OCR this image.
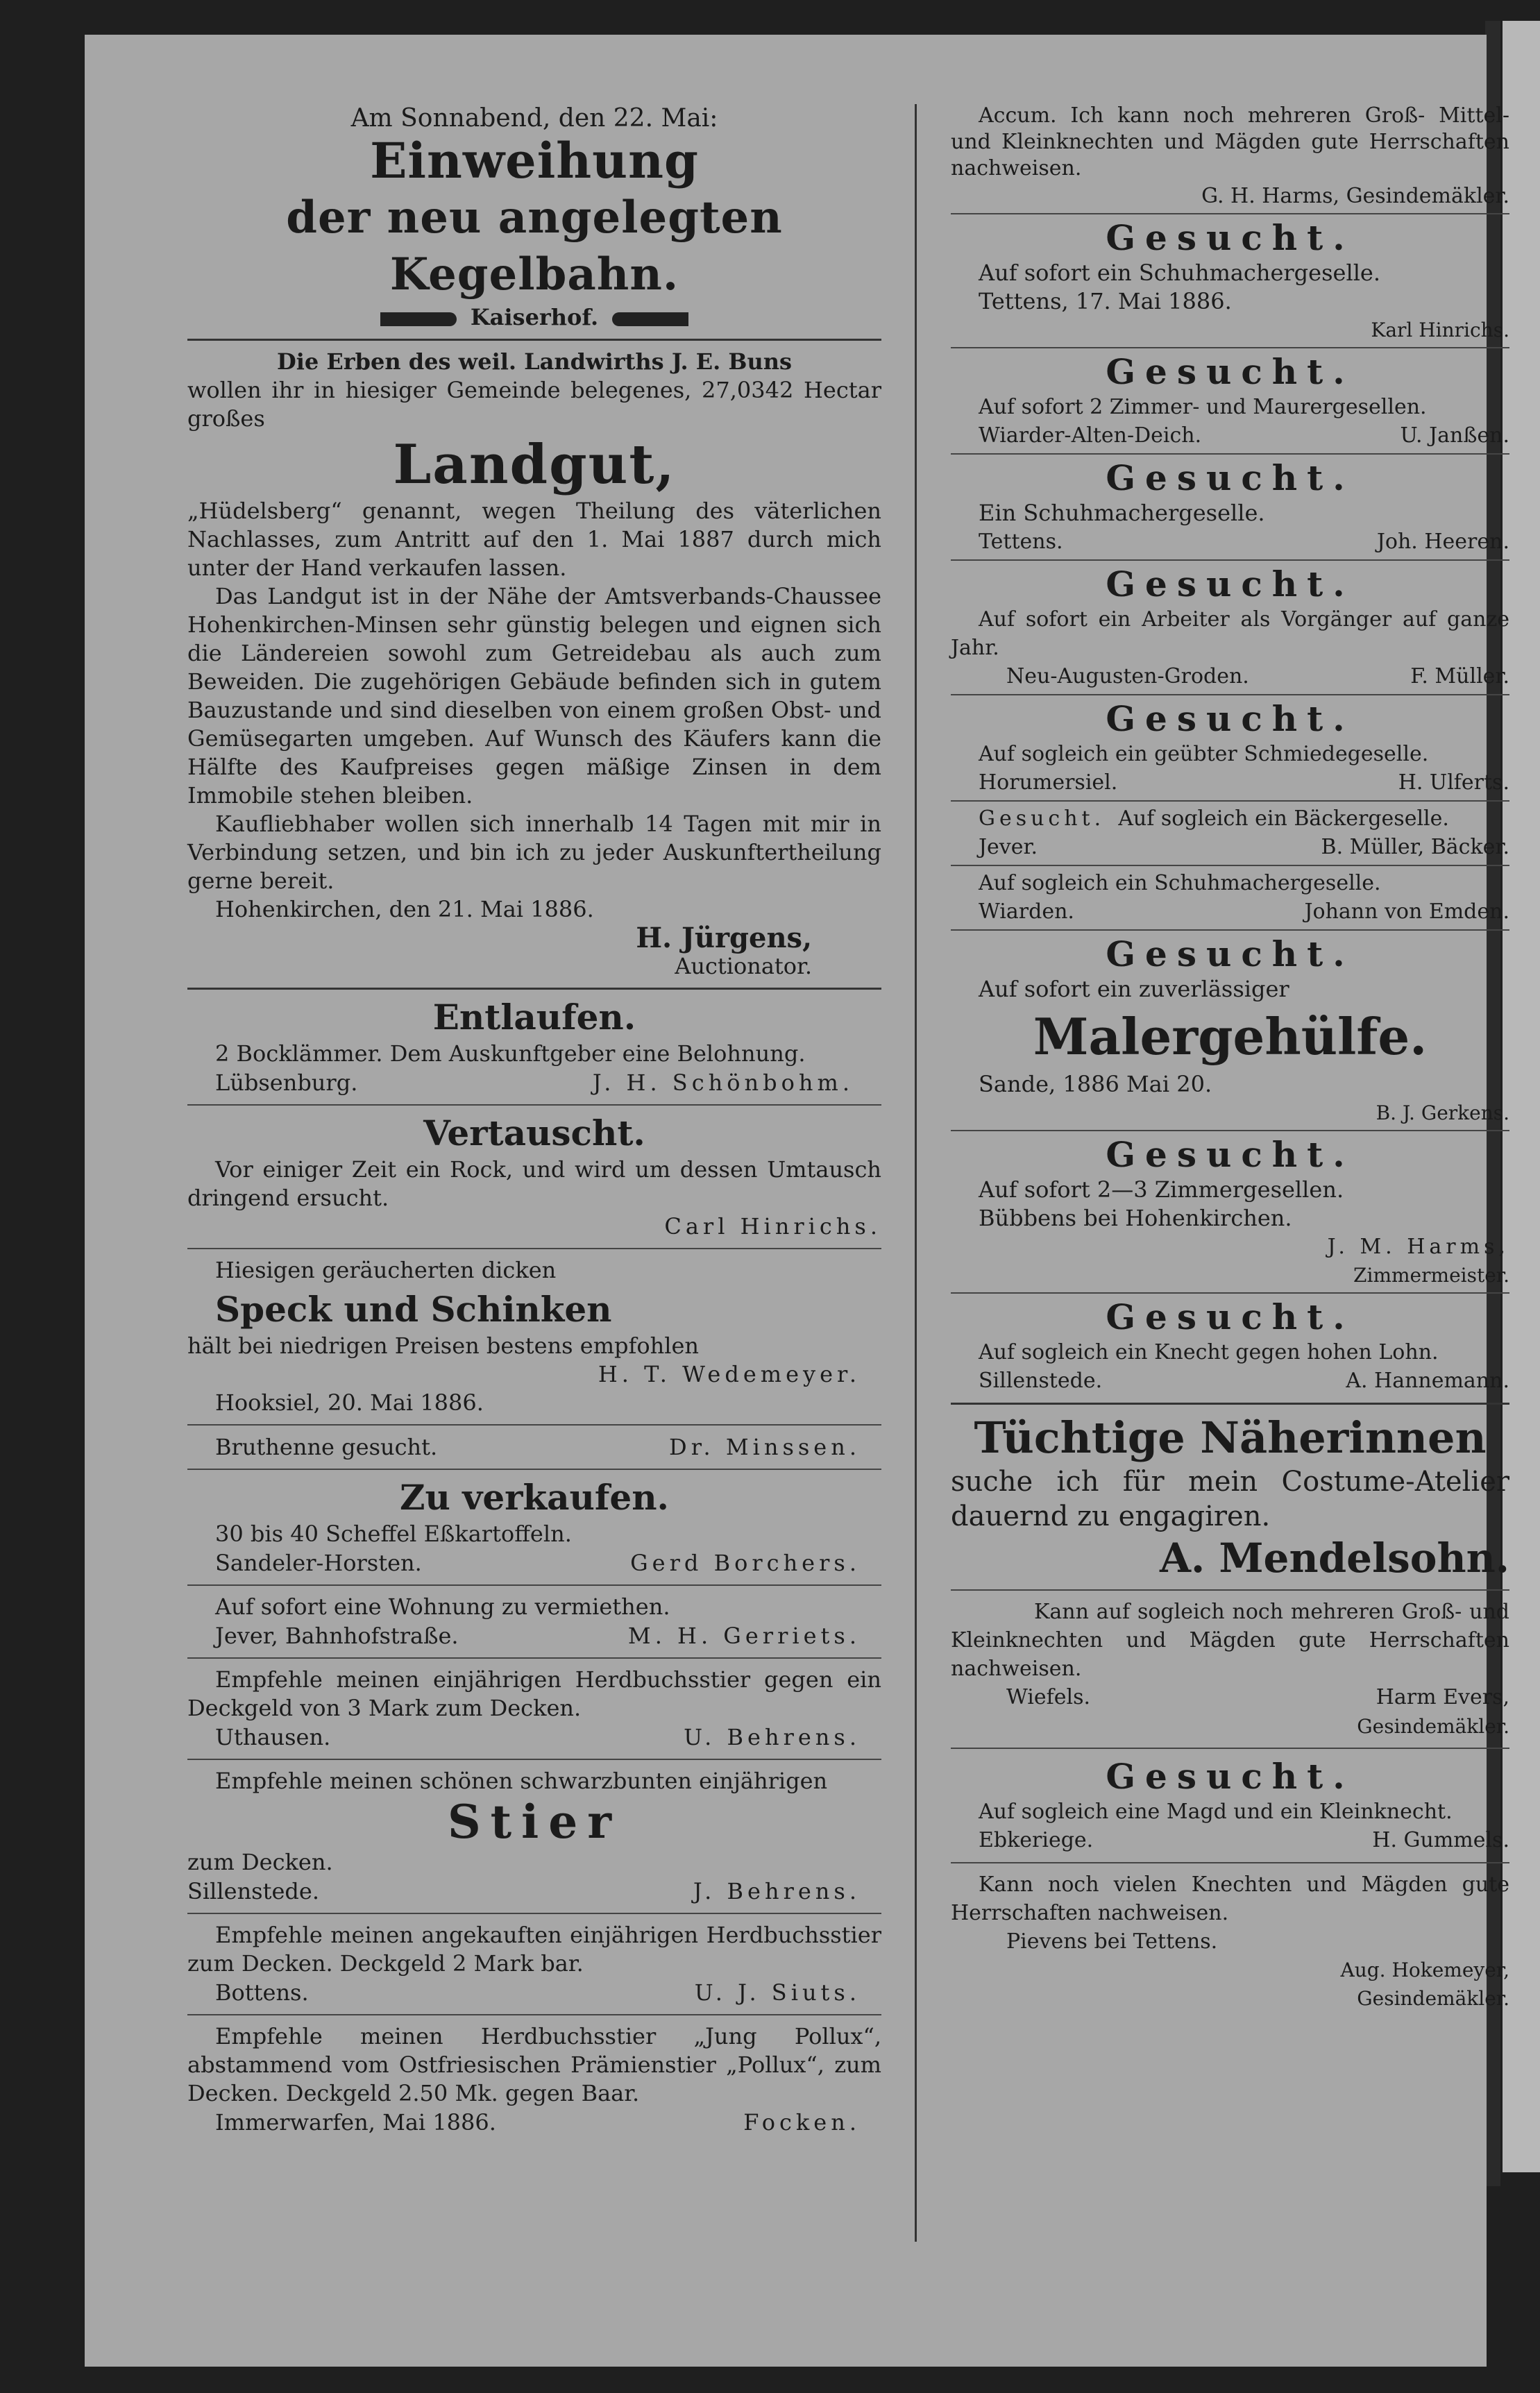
Am Sonnabend, den 22. Mai:

Einweihung

der neu angelegten Kegelbahn.

Kaiserhof.

Die Erben des weil. Landwirths J. E. Buns

wollen ihr in hiesiger Gemeinde belegenes, 27,0342 Hectar großes

Landgut,

„Hüdelsberg“ genannt, wegen Theilung des väterlichen Nachlasses, zum Antritt auf den 1. Mai 1887 durch mich unter der Hand verkaufen lassen.

Das Landgut ist in der Nähe der Amtsverbands-Chaussee Hohenkirchen-Minsen sehr günstig belegen und eignen sich die Ländereien sowohl zum Getreidebau als auch zum Beweiden. Die zugehörigen Gebäude befinden sich in gutem Bauzustande und sind dieselben von einem großen Obst- und Gemüsegarten umgeben. Auf Wunsch des Käufers kann die Hälfte des Kaufpreises gegen mäßige Zinsen in dem Immobile stehen bleiben.

Kaufliebhaber wollen sich innerhalb 14 Tagen mit mir in Verbindung setzen, und bin ich zu jeder Auskunftertheilung gerne bereit.

Hohenkirchen, den 21. Mai 1886.

H. Jürgens,

Auctionator.

Entlaufen.

2 Bocklämmer. Dem Auskunftgeber eine Belohnung.

Lübsenburg.	J. H. Schönbohm.

Vertauscht.

Vor einiger Zeit ein Rock, und wird um dessen Umtausch dringend ersucht.

Carl Hinrichs.

Hiesigen geräucherten dicken

Speck und Schinken

hält bei niedrigen Preisen bestens empfohlen

H. T. Wedemeyer.

Hooksiel, 20. Mai 1886.

Bruthenne gesucht.	Dr. Minssen.

Zu verkaufen.

30 bis 40 Scheffel Eßkartoffeln.

Sandeler-Horsten.	Gerd Borchers.

Auf sofort eine Wohnung zu vermiethen.

Jever, Bahnhofstraße.	M. H. Gerriets.

Empfehle meinen einjährigen Herdbuchsstier gegen ein Deckgeld von 3 Mark zum Decken.

Uthausen.	U. Behrens.

Empfehle meinen schönen schwarzbunten einjährigen

Stier

zum Decken.

Sillenstede.	J. Behrens.

Empfehle meinen angekauften einjährigen Herdbuchsstier zum Decken. Deckgeld 2 Mark bar.

Bottens.	U. J. Siuts.

Empfehle meinen Herdbuchsstier „Jung Pollux“, abstammend vom Ostfriesischen Prämienstier „Pollux“, zum Decken. Deckgeld 2.50 Mk. gegen Baar.

Immerwarfen, Mai 1886.	Focken.

Accum. Ich kann noch mehreren Groß- Mittel- und Kleinknechten und Mägden gute Herrschaften nachweisen.

G. H. Harms, Gesindemäkler.

Gesucht.

Auf sofort ein Schuhmachergeselle.

Tettens, 17. Mai 1886.

Karl Hinrichs.

Gesucht.

Auf sofort 2 Zimmer- und Maurergesellen.

Wiarder-Alten-Deich.	U. Janßen.

Gesucht.

Ein Schuhmachergeselle.

Tettens.	Joh. Heeren.

Gesucht.

Auf sofort ein Arbeiter als Vorgänger auf ganze Jahr.

Neu-Augusten-Groden.	F. Müller.

Gesucht.

Auf sogleich ein geübter Schmiedegeselle.

Horumersiel.	H. Ulferts.

Gesucht. Auf sogleich ein Bäckergeselle.

Jever.	B. Müller, Bäcker.

Auf sogleich ein Schuhmachergeselle.

Wiarden.	Johann von Emden.

Gesucht.

Auf sofort ein zuverlässiger

Malergehülfe.

Sande, 1886 Mai 20.

B. J. Gerkens.

Gesucht.

Auf sofort 2—3 Zimmergesellen.

Bübbens bei Hohenkirchen.

J. M. Harms,

Zimmermeister.

Gesucht.

Auf sogleich ein Knecht gegen hohen Lohn.

Sillenstede.	A. Hannemann.

Tüchtige Näherinnen

suche ich für mein Costume-Atelier dauernd zu engagiren.

A. Mendelsohn.

Kann auf sogleich noch mehreren Groß- und Kleinknechten und Mägden gute Herrschaften nachweisen.

Wiefels.	Harm Evers,

Gesindemäkler.

Gesucht.

Auf sogleich eine Magd und ein Kleinknecht.

Ebkeriege.	H. Gummels.

Kann noch vielen Knechten und Mägden gute Herrschaften nachweisen.

Pievens bei Tettens.

Aug. Hokemeyer,

Gesindemäkler.
